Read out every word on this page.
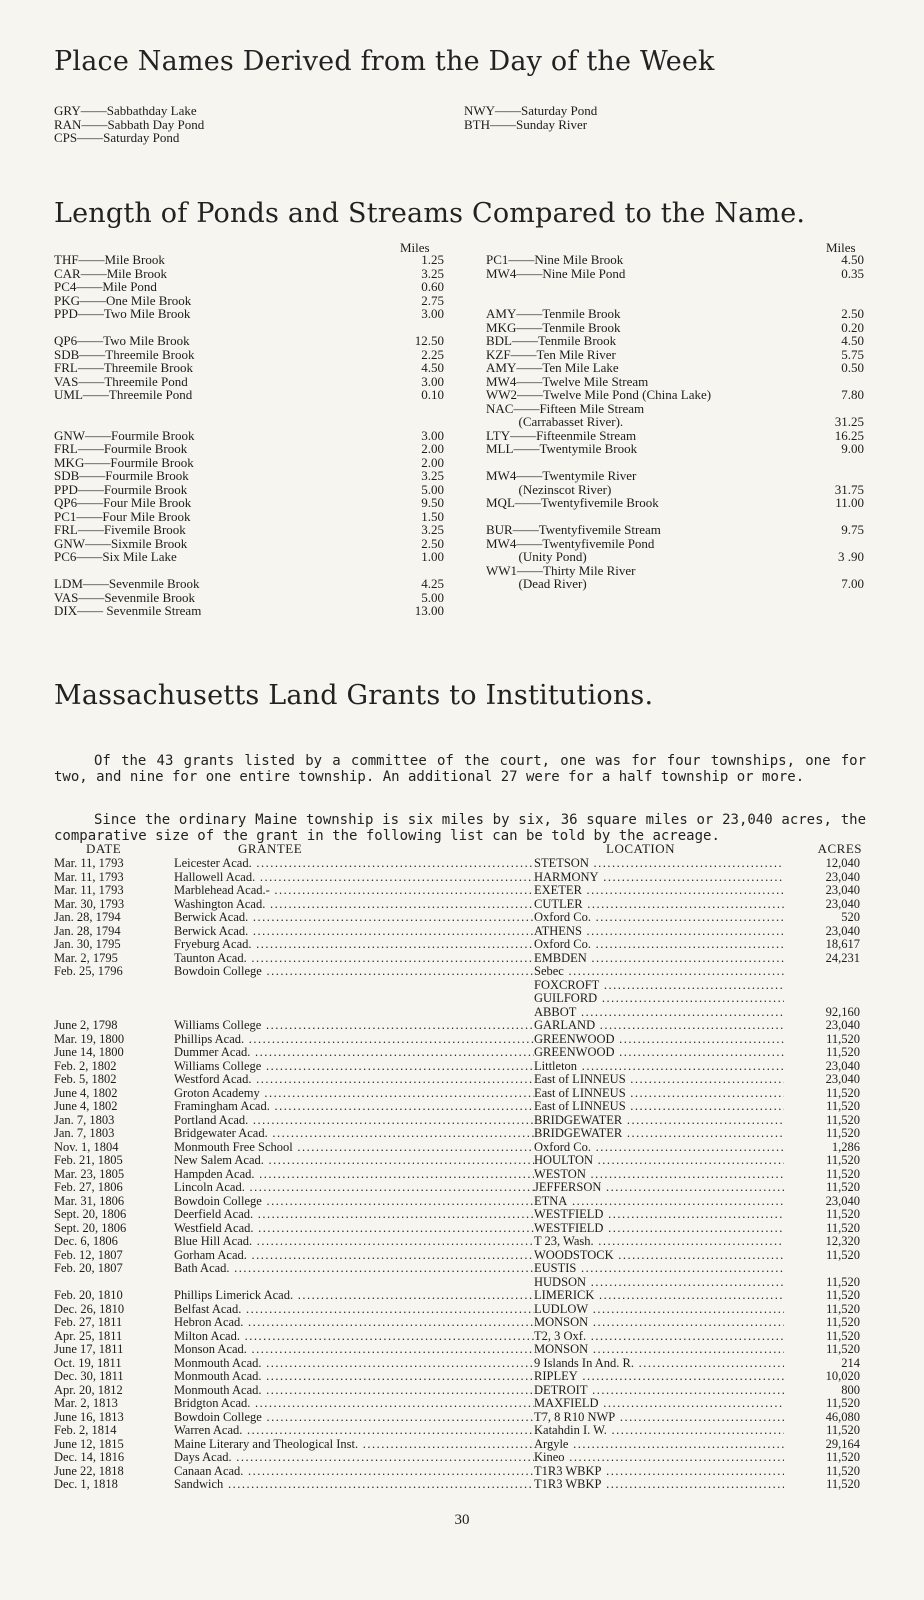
Place Names Derived from the Day of the Week
GRY——Sabbathday Lake
RAN——Sabbath Day Pond
CPS——Saturday Pond
NWY——Saturday Pond
BTH——Sunday River
Length of Ponds and Streams Compared to the Name.
Miles	Miles
THF——Mile Brook	1.25
CAR——Mile Brook	3.25
PC4——Mile Pond	0.60
PKG——One Mile Brook	2.75
PPD——Two Mile Brook	3.00
QP6——Two Mile Brook	12.50
SDB——Threemile Brook	2.25
FRL——Threemile Brook	4.50
VAS——Threemile Pond	3.00
UML——Threemile Pond	0.10
GNW——Fourmile Brook	3.00
FRL——Fourmile Brook	2.00
MKG——Fourmile Brook	2.00
SDB——Fourmile Brook	3.25
PPD——Fourmile Brook	5.00
QP6——Four Mile Brook	9.50
PC1——Four Mile Brook	1.50
FRL——Fivemile Brook	3.25
GNW——Sixmile Brook	2.50
PC6——Six Mile Lake	1.00
LDM——Sevenmile Brook	4.25
VAS——Sevenmile Brook	5.00
DIX—— Sevenmile Stream	13.00
PC1——Nine Mile Brook	4.50
MW4——Nine Mile Pond	0.35
AMY——Tenmile Brook	2.50
MKG——Tenmile Brook	0.20
BDL——Tenmile Brook	4.50
KZF——Ten Mile River	5.75
AMY——Ten Mile Lake	0.50
MW4——Twelve Mile Stream
WW2——Twelve Mile Pond (China Lake)	7.80
NAC——Fifteen Mile Stream
(Carrabasset River).	31.25
LTY——Fifteenmile Stream	16.25
MLL——Twentymile Brook	9.00
MW4——Twentymile River
(Nezinscot River)	31.75
MQL——Twentyfivemile Brook	11.00
BUR——Twentyfivemile Stream	9.75
MW4——Twentyfivemile Pond
(Unity Pond)	3 .90
WW1——Thirty Mile River
(Dead River)	7.00
Massachusetts Land Grants to Institutions.

Of the 43 grants listed by a committee of the court, one was for four townships, one for two, and nine for one entire township. An additional 27 were for a half township or more.

Since the ordinary Maine township is six miles by six, 36 square miles or 23,040 acres, the comparative size of the grant in the following list can be told by the acreage.

DATE	GRANTEE	LOCATION	ACRES
Mar. 11, 1793	Leicester Acad. .....	STETSON .....	12,040
Mar. 11, 1793	Hallowell Acad. .....	HARMONY .....	23,040
Mar. 11, 1793	Marblehead Acad.- .....	EXETER .....	23,040
Mar. 30, 1793	Washington Acad. .....	CUTLER .....	23,040
Jan. 28, 1794	Berwick Acad. .....	Oxford Co. .....	520
Jan. 28, 1794	Berwick Acad. .....	ATHENS .....	23,040
Jan. 30, 1795	Fryeburg Acad. .....	Oxford Co. .....	18,617
Mar. 2, 1795	Taunton Acad. .....	EMBDEN .....	24,231
Feb. 25, 1796	Bowdoin College .....	Sebec .....
FOXCROFT .....
GUILFORD .....
ABBOT .....	92,160
June 2, 1798	Williams College .....	GARLAND .....	23,040
Mar. 19, 1800	Phillips Acad. .....	GREENWOOD .....	11,520
June 14, 1800	Dummer Acad. .....	GREENWOOD .....	11,520
Feb. 2, 1802	Williams College .....	Littleton .....	23,040
Feb. 5, 1802	Westford Acad. .....	East of LINNEUS .....	23,040
June 4, 1802	Groton Academy .....	East of LINNEUS .....	11,520
June 4, 1802	Framingham Acad. .....	East of LINNEUS .....	11,520
Jan. 7, 1803	Portland Acad. .....	BRIDGEWATER .....	11,520
Jan. 7, 1803	Bridgewater Acad. .....	BRIDGEWATER .....	11,520
Nov. 1, 1804	Monmouth Free School .....	Oxford Co. .....	1,286
Feb. 21, 1805	New Salem Acad. .....	HOULTON .....	11,520
Mar. 23, 1805	Hampden Acad. .....	WESTON .....	11,520
Feb. 27, 1806	Lincoln Acad. .....	JEFFERSON .....	11,520
Mar. 31, 1806	Bowdoin College .....	ETNA .....	23,040
Sept. 20, 1806	Deerfield Acad. .....	WESTFIELD .....	11,520
Sept. 20, 1806	Westfield Acad. .....	WESTFIELD .....	11,520
Dec. 6, 1806	Blue Hill Acad. .....	T 23, Wash. .....	12,320
Feb. 12, 1807	Gorham Acad. .....	WOODSTOCK .....	11,520
Feb. 20, 1807	Bath Acad. .....	EUSTIS .....
HUDSON .....	11,520
Feb. 20, 1810	Phillips Limerick Acad. .....	LIMERICK .....	11,520
Dec. 26, 1810	Belfast Acad. .....	LUDLOW .....	11,520
Feb. 27, 1811	Hebron Acad. .....	MONSON .....	11,520
Apr. 25, 1811	Milton Acad. .....	T2, 3 Oxf. .....	11,520
June 17, 1811	Monson Acad. .....	MONSON .....	11,520
Oct. 19, 1811	Monmouth Acad. .....	9 Islands In And. R. .....	214
Dec. 30, 1811	Monmouth Acad. .....	RIPLEY .....	10,020
Apr. 20, 1812	Monmouth Acad. .....	DETROIT .....	800
Mar. 2, 1813	Bridgton Acad. .....	MAXFIELD .....	11,520
June 16, 1813	Bowdoin College .....	T7, 8 R10 NWP .....	46,080
Feb. 2, 1814	Warren Acad. .....	Katahdin I. W. .....	11,520
June 12, 1815	Maine Literary and Theological Inst. .....	Argyle .....	29,164
Dec. 14, 1816	Days Acad. .....	Kineo .....	11,520
June 22, 1818	Canaan Acad. .....	T1R3 WBKP .....	11,520
Dec. 1, 1818	Sandwich .....	T1R3 WBKP .....	11,520
30
